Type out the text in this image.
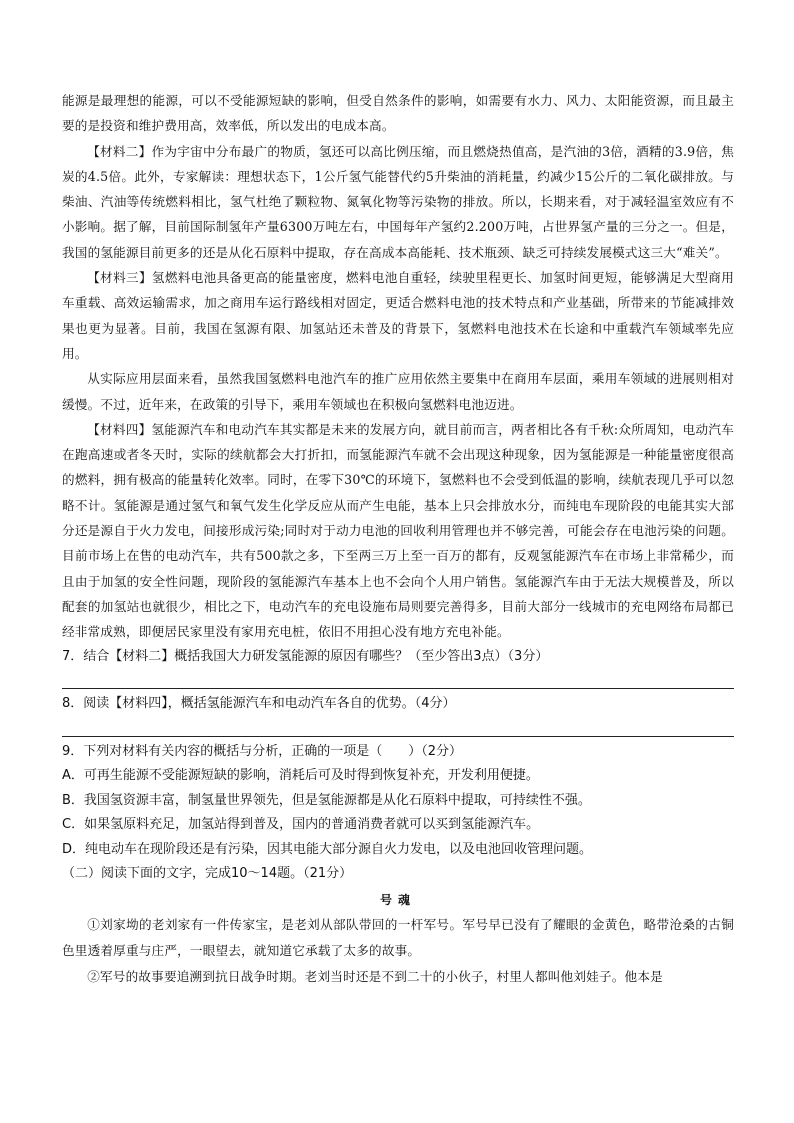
能源是最理想的能源，可以不受能源短缺的影响，但受自然条件的影响，如需要有水力、风力、太阳能资源，而且最主要的是投资和维护费用高，效率低，所以发出的电成本高。

【材料二】作为宇宙中分布最广的物质，氢还可以高比例压缩，而且燃烧热值高，是汽油的3倍，酒精的3.9倍，焦炭的4.5倍。此外，专家解读：理想状态下，1公斤氢气能替代约5升柴油的消耗量，约减少15公斤的二氧化碳排放。与柴油、汽油等传统燃料相比，氢气杜绝了颗粒物、氮氧化物等污染物的排放。所以，长期来看，对于减轻温室效应有不小影响。据了解，目前国际制氢年产量6300万吨左右，中国每年产氢约2.200万吨，占世界氢产量的三分之一。但是，我国的氢能源目前更多的还是从化石原料中提取，存在高成本高能耗、技术瓶颈、缺乏可持续发展模式这三大“难关”。

【材料三】氢燃料电池具备更高的能量密度，燃料电池自重轻，续驶里程更长、加氢时间更短，能够满足大型商用车重载、高效运输需求，加之商用车运行路线相对固定，更适合燃料电池的技术特点和产业基础，所带来的节能减排效果也更为显著。目前，我国在氢源有限、加氢站还未普及的背景下，氢燃料电池技术在长途和中重载汽车领域率先应用。

从实际应用层面来看，虽然我国氢燃料电池汽车的推广应用依然主要集中在商用车层面，乘用车领域的进展则相对缓慢。不过，近年来，在政策的引导下，乘用车领域也在积极向氢燃料电池迈进。

【材料四】氢能源汽车和电动汽车其实都是未来的发展方向，就目前而言，两者相比各有千秋:众所周知，电动汽车在跑高速或者冬天时，实际的续航都会大打折扣，而氢能源汽车就不会出现这种现象，因为氢能源是一种能量密度很高的燃料，拥有极高的能量转化效率。同时，在零下30℃的环境下，氢燃料也不会受到低温的影响，续航表现几乎可以忽略不计。氢能源是通过氢气和氧气发生化学反应从而产生电能，基本上只会排放水分，而纯电车现阶段的电能其实大部分还是源自于火力发电，间接形成污染;同时对于动力电池的回收利用管理也并不够完善，可能会存在电池污染的问题。目前市场上在售的电动汽车，共有500款之多，下至两三万上至一百万的都有，反观氢能源汽车在市场上非常稀少，而且由于加氢的安全性问题，现阶段的氢能源汽车基本上也不会向个人用户销售。氢能源汽车由于无法大规模普及，所以配套的加氢站也就很少，相比之下，电动汽车的充电设施布局则要完善得多，目前大部分一线城市的充电网络布局都已经非常成熟，即便居民家里没有家用充电桩，依旧不用担心没有地方充电补能。

7．结合【材料二】概括我国大力研发氢能源的原因有哪些？（至少答出3点）（3分）

8．阅读【材料四】，概括氢能源汽车和电动汽车各自的优势。（4分）

9．下列对材料有关内容的概括与分析，正确的一项是（　　）（2分）

A．可再生能源不受能源短缺的影响，消耗后可及时得到恢复补充，开发利用便捷。

B．我国氢资源丰富，制氢量世界领先，但是氢能源都是从化石原料中提取，可持续性不强。

C．如果氢原料充足，加氢站得到普及，国内的普通消费者就可以买到氢能源汽车。

D．纯电动车在现阶段还是有污染，因其电能大部分源自火力发电，以及电池回收管理问题。

（二）阅读下面的文字，完成10～14题。（21分）

号魂

①刘家坳的老刘家有一件传家宝，是老刘从部队带回的一杆军号。军号早已没有了耀眼的金黄色，略带沧桑的古铜色里透着厚重与庄严，一眼望去，就知道它承载了太多的故事。

②军号的故事要追溯到抗日战争时期。老刘当时还是不到二十的小伙子，村里人都叫他刘娃子。他本是
